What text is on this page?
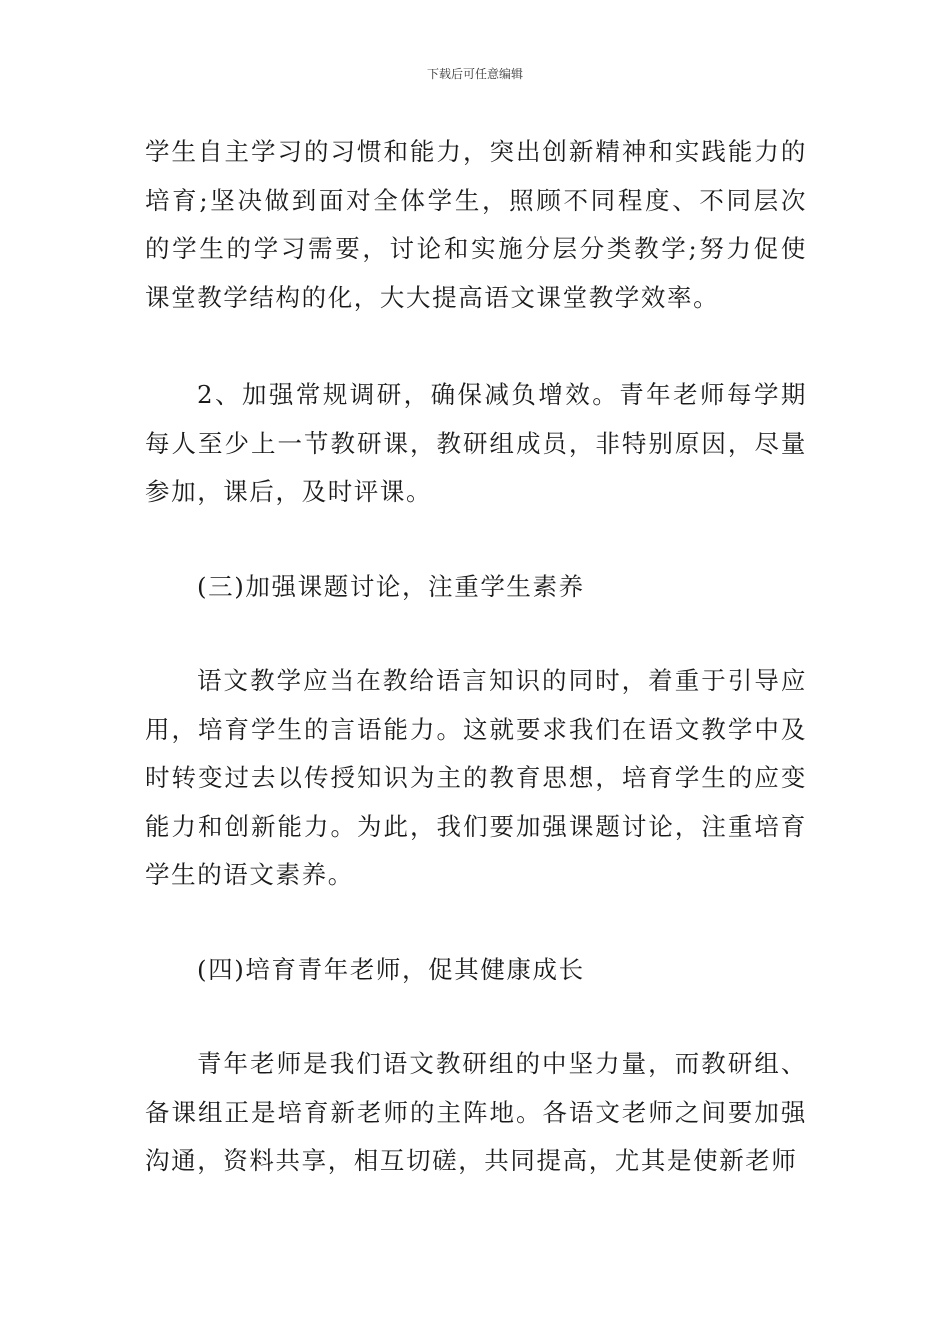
下载后可任意编辑

学生自主学习的习惯和能力，突出创新精神和实践能力的培育;坚决做到面对全体学生，照顾不同程度、不同层次的学生的学习需要，讨论和实施分层分类教学;努力促使课堂教学结构的化，大大提高语文课堂教学效率。

2、加强常规调研，确保减负增效。青年老师每学期每人至少上一节教研课，教研组成员，非特别原因，尽量参加，课后，及时评课。

(三)加强课题讨论，注重学生素养

语文教学应当在教给语言知识的同时，着重于引导应用，培育学生的言语能力。这就要求我们在语文教学中及时转变过去以传授知识为主的教育思想，培育学生的应变能力和创新能力。为此，我们要加强课题讨论，注重培育学生的语文素养。

(四)培育青年老师，促其健康成长

青年老师是我们语文教研组的中坚力量，而教研组、备课组正是培育新老师的主阵地。各语文老师之间要加强沟通，资料共享，相互切磋，共同提高，尤其是使新老师
